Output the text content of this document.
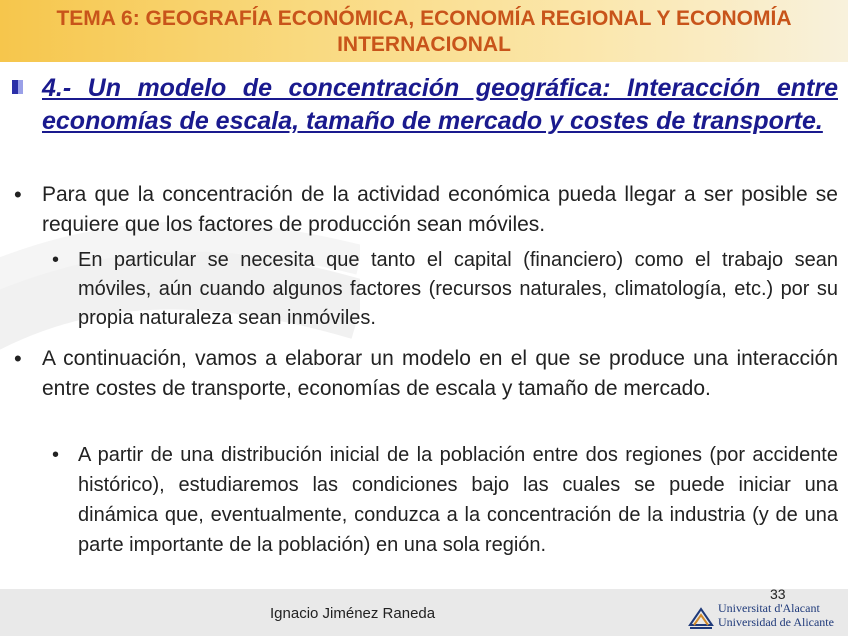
TEMA 6: GEOGRAFÍA ECONÓMICA, ECONOMÍA REGIONAL Y ECONOMÍA
INTERNACIONAL
4.- Un modelo de concentración geográfica: Interacción entre economías de escala, tamaño de mercado y costes de transporte.
• Para que la concentración de la actividad económica pueda llegar a ser posible se requiere que los factores de producción sean móviles.
• En particular se necesita que tanto el capital (financiero) como el trabajo sean móviles, aún cuando algunos factores (recursos naturales, climatología, etc.) por su propia naturaleza sean inmóviles.
• A continuación, vamos a elaborar un modelo en el que se produce una interacción entre costes de transporte, economías de escala y tamaño de mercado.
• A partir de una distribución inicial de la población entre dos regiones (por accidente histórico), estudiaremos las condiciones bajo las cuales se puede iniciar una dinámica que, eventualmente, conduzca a la concentración de la industria (y de una parte importante de la población) en una sola región.
33
Ignacio Jiménez Raneda	Universitat d'Alacant
Universidad de Alicante
